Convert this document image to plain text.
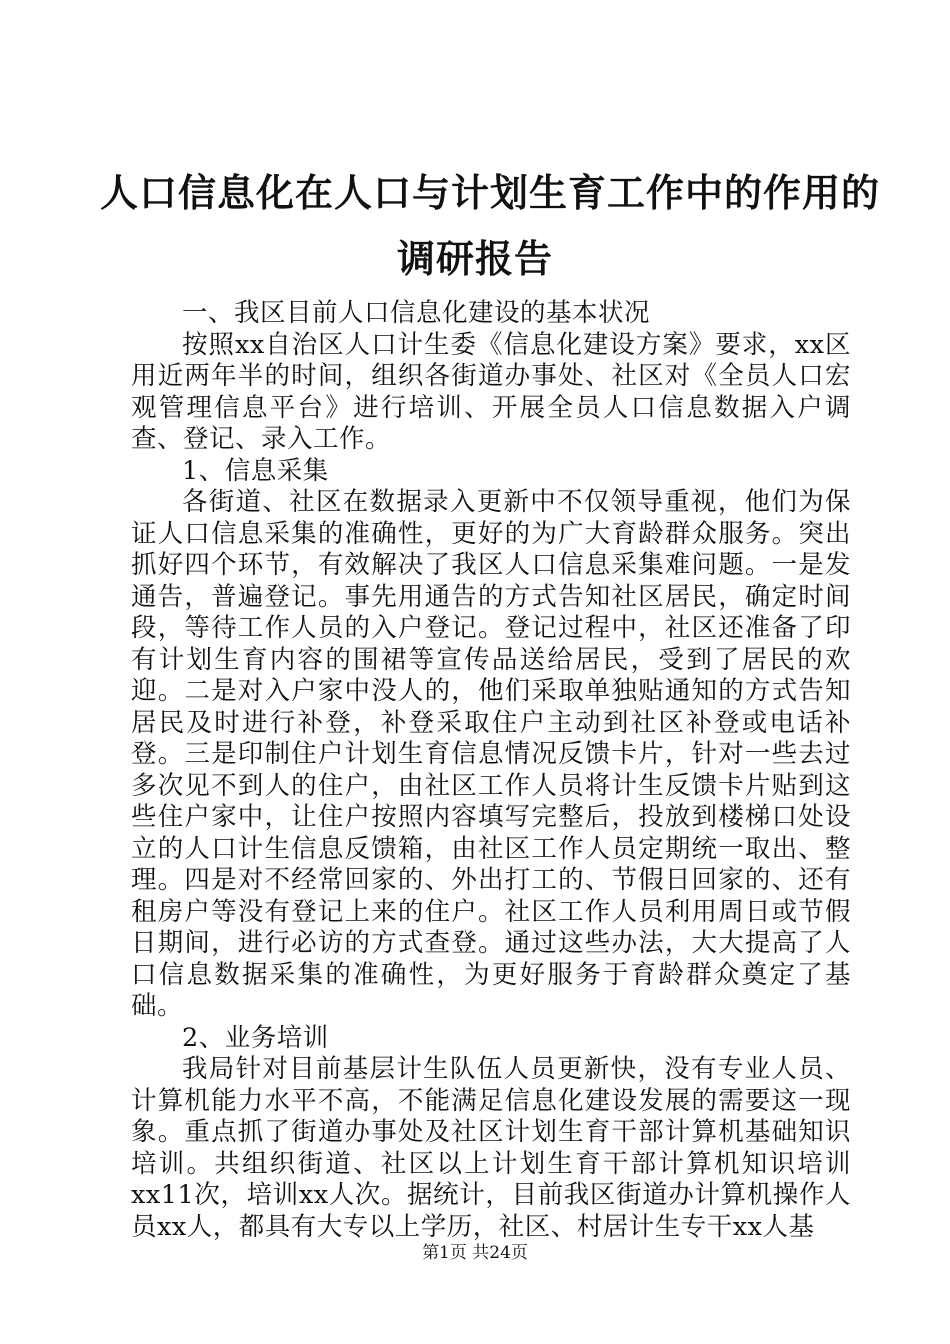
人口信息化在人口与计划生育工作中的作用的
调研报告

一、我区目前人口信息化建设的基本状况

按照xx自治区人口计生委《信息化建设方案》要求，xx区用近两年半的时间，组织各街道办事处、社区对《全员人口宏观管理信息平台》进行培训、开展全员人口信息数据入户调查、登记、录入工作。

1、信息采集

各街道、社区在数据录入更新中不仅领导重视，他们为保证人口信息采集的准确性，更好的为广大育龄群众服务。突出抓好四个环节，有效解决了我区人口信息采集难问题。一是发通告，普遍登记。事先用通告的方式告知社区居民，确定时间段，等待工作人员的入户登记。登记过程中，社区还准备了印有计划生育内容的围裙等宣传品送给居民，受到了居民的欢迎。二是对入户家中没人的，他们采取单独贴通知的方式告知居民及时进行补登，补登采取住户主动到社区补登或电话补登。三是印制住户计划生育信息情况反馈卡片，针对一些去过多次见不到人的住户，由社区工作人员将计生反馈卡片贴到这些住户家中，让住户按照内容填写完整后，投放到楼梯口处设立的人口计生信息反馈箱，由社区工作人员定期统一取出、整理。四是对不经常回家的、外出打工的、节假日回家的、还有租房户等没有登记上来的住户。社区工作人员利用周日或节假日期间，进行必访的方式查登。通过这些办法，大大提高了人口信息数据采集的准确性，为更好服务于育龄群众奠定了基础。

2、业务培训

我局针对目前基层计生队伍人员更新快，没有专业人员、计算机能力水平不高，不能满足信息化建设发展的需要这一现象。重点抓了街道办事处及社区计划生育干部计算机基础知识培训。共组织街道、社区以上计划生育干部计算机知识培训xx11次，培训xx人次。据统计，目前我区街道办计算机操作人员xx人，都具有大专以上学历，社区、村居计生专干xx人基

第1页 共24页
